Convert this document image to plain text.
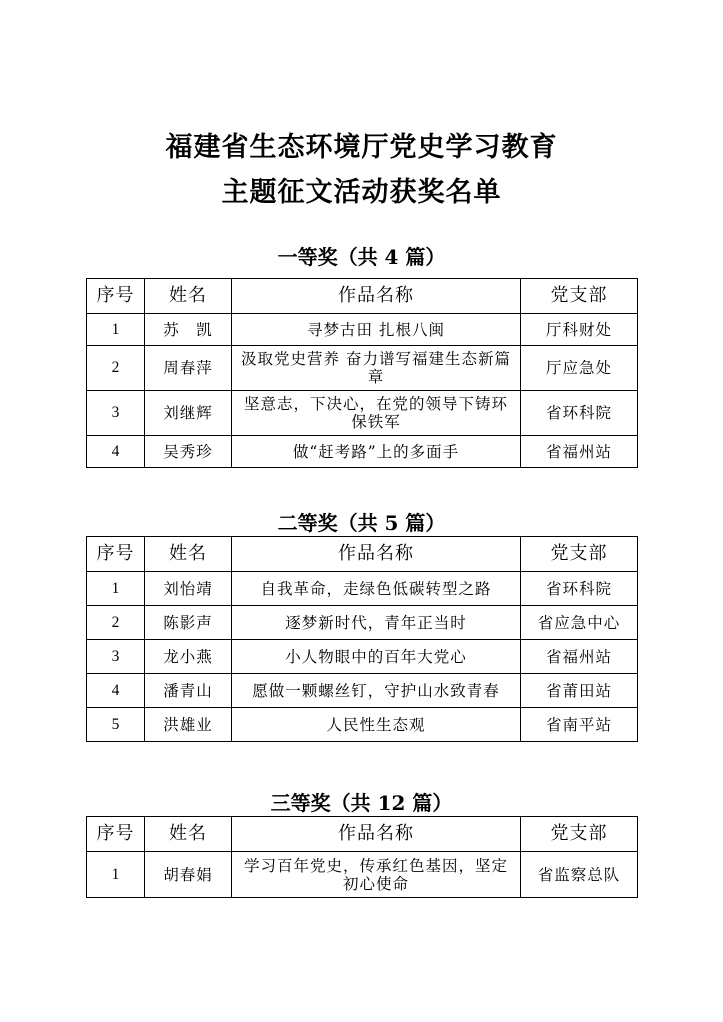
福建省生态环境厅党史学习教育
主题征文活动获奖名单
一等奖（共 4 篇）
序号	姓名	作品名称	党支部
1	苏　凯	寻梦古田 扎根八闽	厅科财处
2	周春萍	汲取党史营养 奋力谱写福建生态新篇章	厅应急处
3	刘继辉	坚意志，下决心，在党的领导下铸环保铁军	省环科院
4	吴秀珍	做“赶考路”上的多面手	省福州站
二等奖（共 5 篇）
序号	姓名	作品名称	党支部
1	刘怡靖	自我革命，走绿色低碳转型之路	省环科院
2	陈影声	逐梦新时代，青年正当时	省应急中心
3	龙小燕	小人物眼中的百年大党心	省福州站
4	潘青山	愿做一颗螺丝钉，守护山水致青春	省莆田站
5	洪雄业	人民性生态观	省南平站
三等奖（共 12 篇）
序号	姓名	作品名称	党支部
1	胡春娟	学习百年党史，传承红色基因，坚定初心使命	省监察总队
